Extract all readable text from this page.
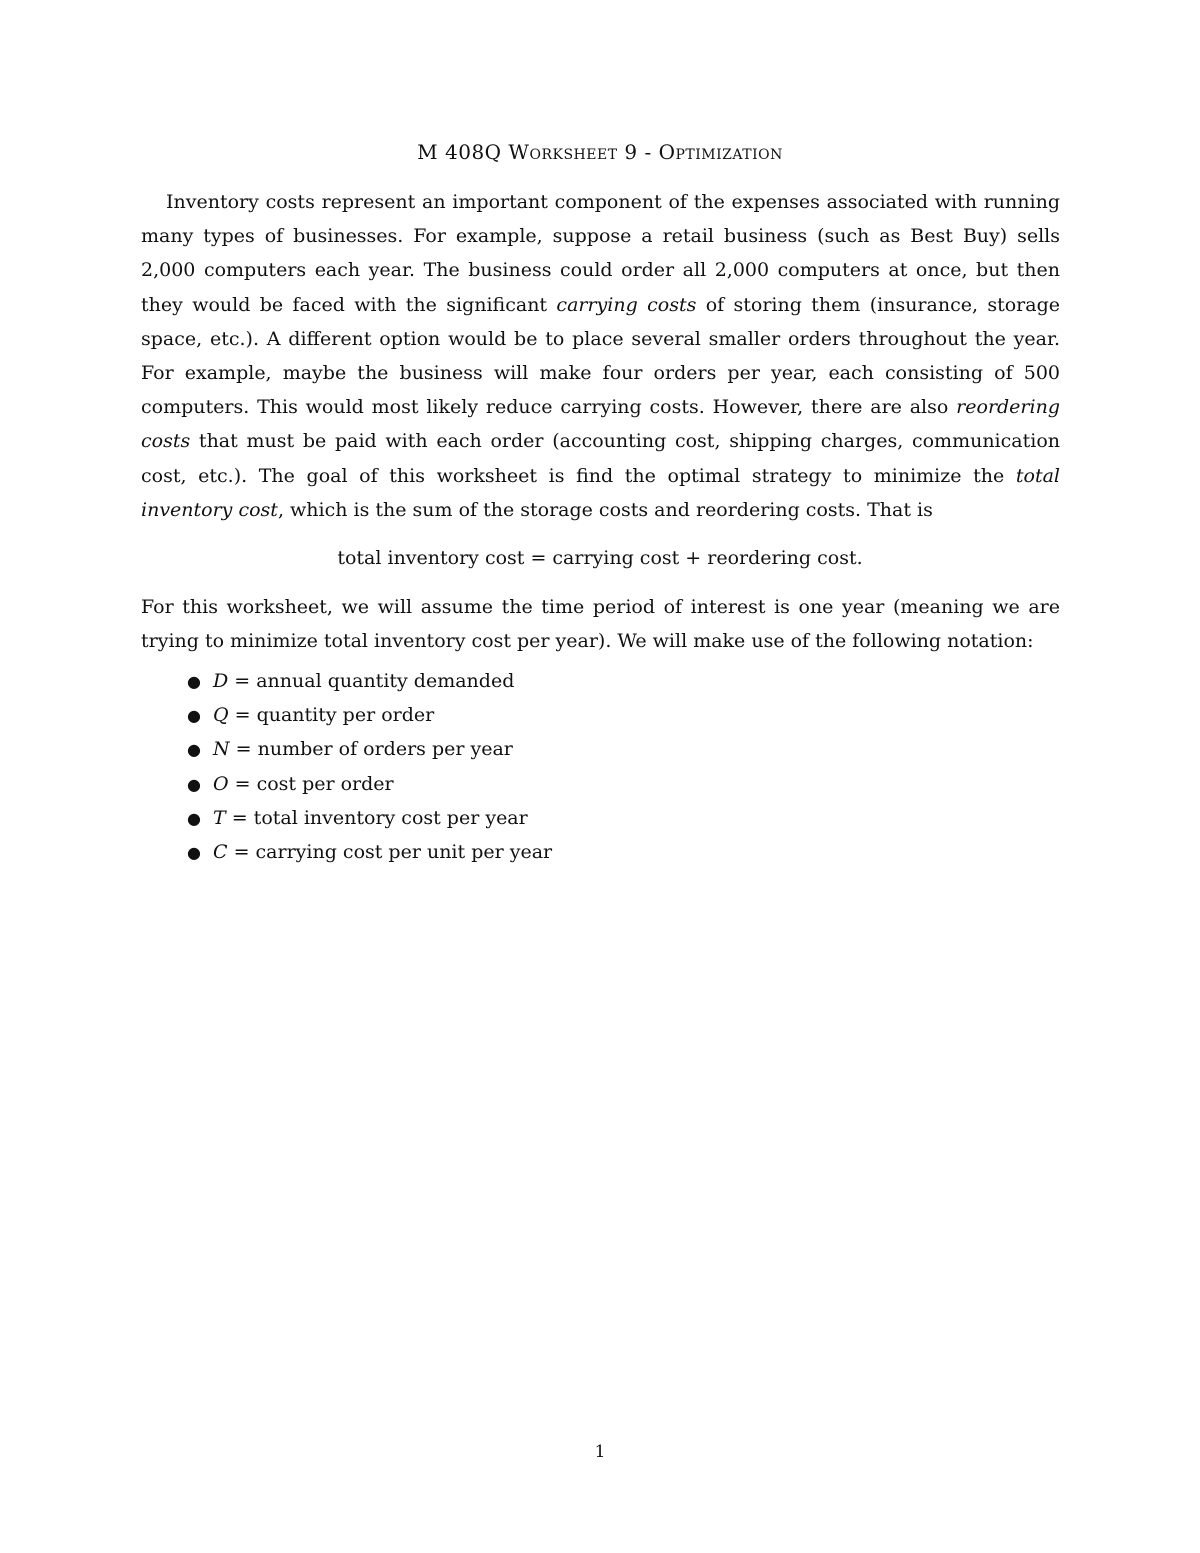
M 408Q Worksheet 9 - Optimization

Inventory costs represent an important component of the expenses associated with running many types of businesses. For example, suppose a retail business (such as Best Buy) sells 2,000 computers each year. The business could order all 2,000 computers at once, but then they would be faced with the significant carrying costs of storing them (insurance, storage space, etc.). A different option would be to place several smaller orders throughout the year. For example, maybe the business will make four orders per year, each consisting of 500 computers. This would most likely reduce carrying costs. However, there are also reordering costs that must be paid with each order (accounting cost, shipping charges, communication cost, etc.). The goal of this worksheet is find the optimal strategy to minimize the total inventory cost, which is the sum of the storage costs and reordering costs. That is

total inventory cost = carrying cost + reordering cost.

For this worksheet, we will assume the time period of interest is one year (meaning we are trying to minimize total inventory cost per year). We will make use of the following notation:

● D = annual quantity demanded
● Q = quantity per order
● N = number of orders per year
● O = cost per order
● T = total inventory cost per year
● C = carrying cost per unit per year
1
